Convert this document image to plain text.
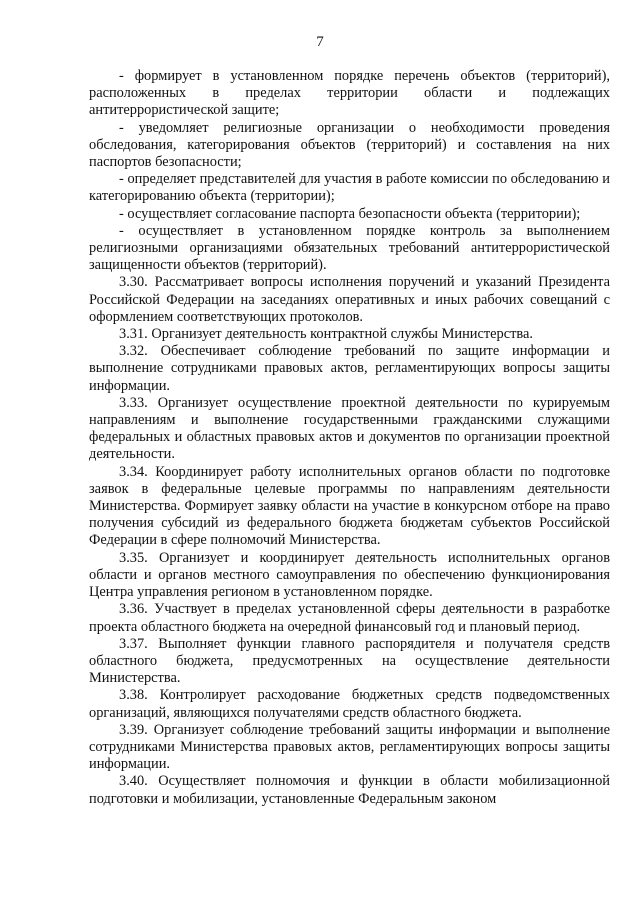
7

- формирует в установленном порядке перечень объектов (территорий), расположенных в пределах территории области и подлежащих антитеррористической защите;

- уведомляет религиозные организации о необходимости проведения обследования, категорирования объектов (территорий) и составления на них паспортов безопасности;

- определяет представителей для участия в работе комиссии по обследованию и категорированию объекта (территории);

- осуществляет согласование паспорта безопасности объекта (территории);

- осуществляет в установленном порядке контроль за выполнением религиозными организациями обязательных требований антитеррористической защищенности объектов (территорий).

3.30. Рассматривает вопросы исполнения поручений и указаний Президента Российской Федерации на заседаниях оперативных и иных рабочих совещаний с оформлением соответствующих протоколов.

3.31. Организует деятельность контрактной службы Министерства.

3.32. Обеспечивает соблюдение требований по защите информации и выполнение сотрудниками правовых актов, регламентирующих вопросы защиты информации.

3.33. Организует осуществление проектной деятельности по курируемым направлениям и выполнение государственными гражданскими служащими федеральных и областных правовых актов и документов по организации проектной деятельности.

3.34. Координирует работу исполнительных органов области по подготовке заявок в федеральные целевые программы по направлениям деятельности Министерства. Формирует заявку области на участие в конкурсном отборе на право получения субсидий из федерального бюджета бюджетам субъектов Российской Федерации в сфере полномочий Министерства.

3.35. Организует и координирует деятельность исполнительных органов области и органов местного самоуправления по обеспечению функционирования Центра управления регионом в установленном порядке.

3.36. Участвует в пределах установленной сферы деятельности в разработке проекта областного бюджета на очередной финансовый год и плановый период.

3.37. Выполняет функции главного распорядителя и получателя средств областного бюджета, предусмотренных на осуществление деятельности Министерства.

3.38. Контролирует расходование бюджетных средств подведомственных организаций, являющихся получателями средств областного бюджета.

3.39. Организует соблюдение требований защиты информации и выполнение сотрудниками Министерства правовых актов, регламентирующих вопросы защиты информации.

3.40. Осуществляет полномочия и функции в области мобилизационной подготовки и мобилизации, установленные Федеральным законом
